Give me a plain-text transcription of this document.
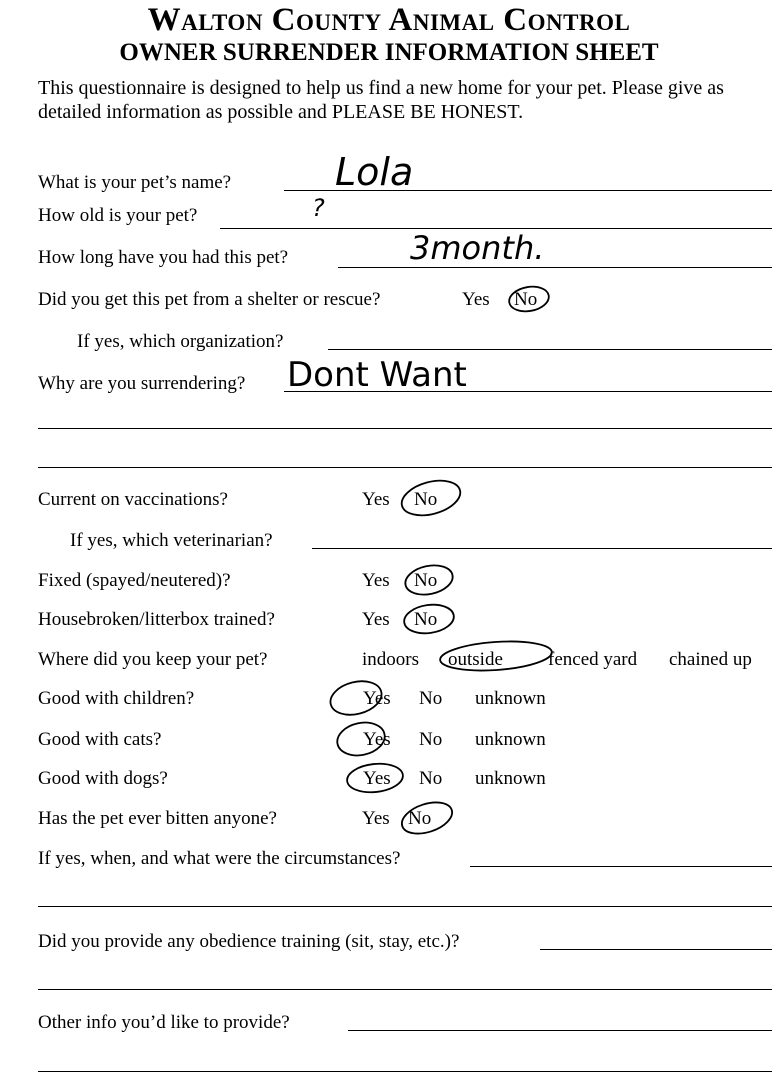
Walton County Animal Control
OWNER SURRENDER INFORMATION SHEET
This questionnaire is designed to help us find a new home for your pet. Please give as detailed information as possible and PLEASE BE HONEST.
What is your pet’s name?	Lola
How old is your pet?	?
How long have you had this pet?	3month.
Did you get this pet from a shelter or rescue?	Yes No
If yes, which organization?
Why are you surrendering? Dont Want
Current on vaccinations?	Yes No
If yes, which veterinarian?
Fixed (spayed/neutered)?	Yes No
Housebroken/litterbox trained?	Yes No
Where did you keep your pet?	indoors outside fenced yard chained up
Good with children?	Yes No unknown
Good with cats?	Yes No unknown
Good with dogs?	Yes No unknown
Has the pet ever bitten anyone?	Yes No
If yes, when, and what were the circumstances?
Did you provide any obedience training (sit, stay, etc.)?
Other info you’d like to provide?
